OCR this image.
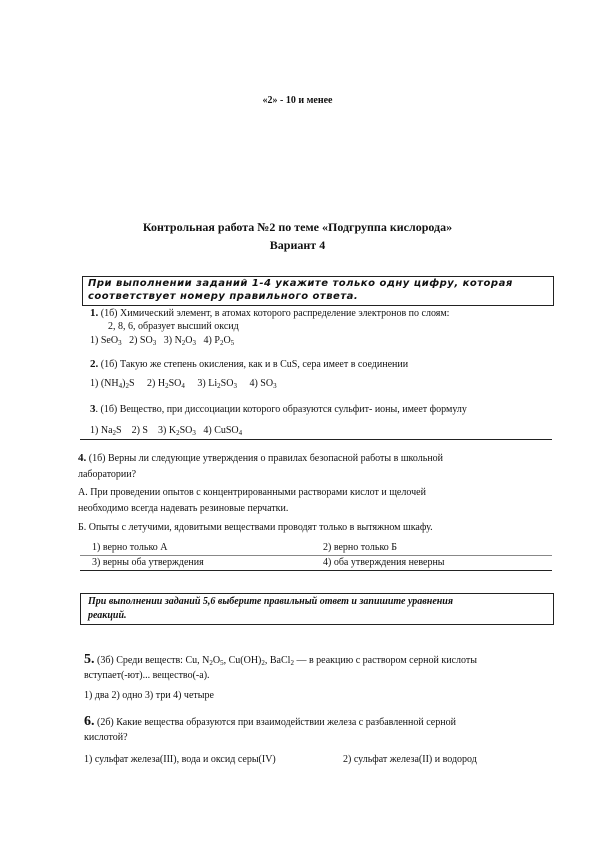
«2» - 10 и менее
Контрольная работа №2 по теме «Подгруппа кислорода»
Вариант 4
При выполнении заданий 1-4 укажите только одну цифру, которая
соответствует номеру правильного ответа.
1. (1б) Химический элемент, в атомах которого распределение электронов по слоям:
2, 8, 6, образует высший оксид
1) SeO$_3$ 2) $SO_3$ 3) $N_2O_3$ 4) $P_2O_5$
2. (1б) Такую же степень окисления, как и в CuS, сера имеет в соединении
1) $(NH_4)_2S$ 2) $H_2SO_4$ 3) $Li_2SO_3$ 4) $SO_3$
3. (1б) Вещество, при диссоциации которого образуются сульфит- ионы, имеет формулу
1) $Na_2S$ 2) S 3) $K_2SO_3$ 4) CuSO$_4$
4. (1б) Верны ли следующие утверждения о правилах безопасной работы в школьной
лаборатории?
А. При проведении опытов с концентрированными растворами кислот и щелочей
необходимо всегда надевать резиновые перчатки.
Б. Опыты с летучими, ядовитыми веществами проводят только в вытяжном шкафу.
1) верно только А	2) верно только Б
3) верны оба утверждения	4) оба утверждения неверны
При выполнении заданий 5,6 выберите правильный ответ и запишите уравнения
реакций.
5. (3б) Среди веществ: Cu, $N_2O_5$, $Cu(OH)_2$, BaCl$_2$ — в реакцию с раствором серной кислоты
вступает(-ют)... вещество(-а).
1) два 2) одно 3) три 4) четыре
6. (2б) Какие вещества образуются при взаимодействии железа с разбавленной серной
кислотой?
1) сульфат железа(III), вода и оксид серы(IV)	2) сульфат железа(II) и водород
